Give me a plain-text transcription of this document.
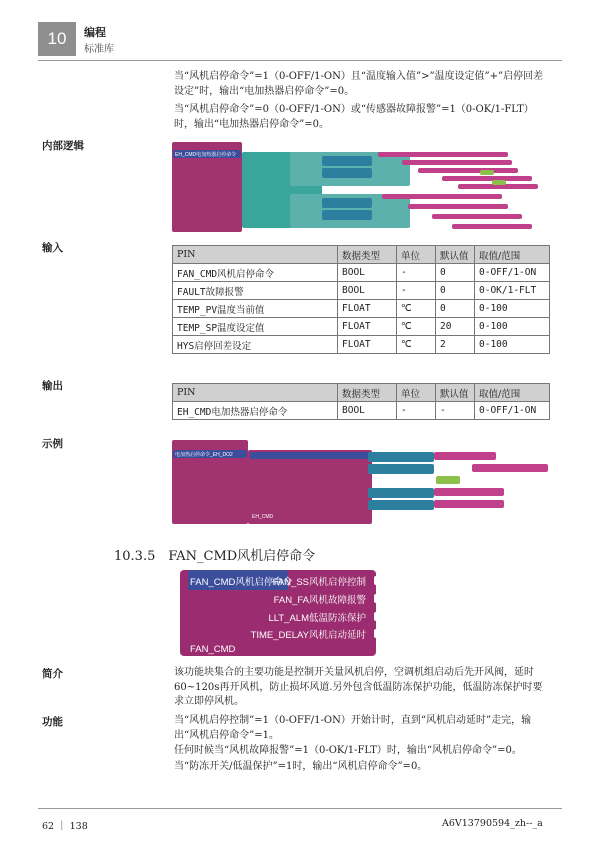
10	编程
标准库
当“风机启停命令”=1（0-OFF/1-ON）且“温度输入值”>”温度设定值”+”启停回差设定”时，输出“电加热器启停命令”=0。
当“风机启停命令”=0（0-OFF/1-ON）或“传感器故障报警”=1（0-OK/1-FLT）时，输出“电加热器启停命令”=0。
内部逻辑
EH_CMD电加热器启停命令
输入
PIN	数据类型	单位	默认值	取值/范围
FAN_CMD风机启停命令	BOOL	-	0	0-OFF/1-ON
FAULT故障报警	BOOL	-	0	0-OK/1-FLT
TEMP_PV温度当前值	FLOAT	℃	0	0-100
TEMP_SP温度设定值	FLOAT	℃	20	0-100
HYS启停回差设定	FLOAT	℃	2	0-100
输出
PIN	数据类型	单位	默认值	取值/范围
EH_CMD电加热器启停命令	BOOL	-	-	0-OFF/1-ON
示例
电加热启停命令_EH_DO2
EH_CMD
10.3.5　FAN_CMD风机启停命令
FAN_CMD风机启停命令
FAN_SS风机启停控制
FAN_FA风机故障报警
LLT_ALM低温防冻保护
TIME_DELAY风机启动延时
FAN_CMD
简介	该功能块集合的主要功能是控制开关量风机启停，空调机组启动后先开风阀，延时60~120s再开风机，防止损坏风道.另外包含低温防冻保护功能，低温防冻保护时要求立即停风机。
功能	当“风机启停控制”=1（0-OFF/1-ON）开始计时，直到“风机启动延时”走完，输出“风机启停命令”=1。
任何时候当“风机故障报警”=1（0-OK/1-FLT）时，输出“风机启停命令”=0。
当“防冻开关/低温保护”=1时，输出“风机启停命令”=0。
62 ｜ 138	A6V13790594_zh--_a
